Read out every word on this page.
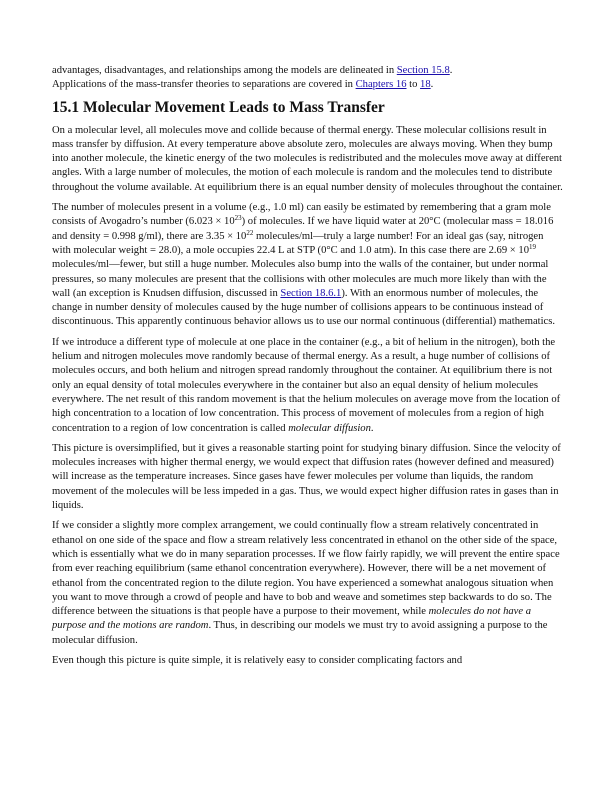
advantages, disadvantages, and relationships among the models are delineated in Section 15.8.
Applications of the mass-transfer theories to separations are covered in Chapters 16 to 18.

15.1 Molecular Movement Leads to Mass Transfer

On a molecular level, all molecules move and collide because of thermal energy. These molecular collisions result in mass transfer by diffusion. At every temperature above absolute zero, molecules are always moving. When they bump into another molecule, the kinetic energy of the two molecules is redistributed and the molecules move away at different angles. With a large number of molecules, the motion of each molecule is random and the molecules tend to distribute throughout the volume available. At equilibrium there is an equal number density of molecules throughout the container.

The number of molecules present in a volume (e.g., 1.0 ml) can easily be estimated by remembering that a gram mole consists of Avogadro’s number $(6.023 \times 10^{23})$ of molecules. If we have liquid water at 20°C (molecular mass = 18.016 and density = 0.998 g/ml), there are $3.35 \times 10^{22}$ molecules/ml—truly a large number! For an ideal gas (say, nitrogen with molecular weight = 28.0), a mole occupies 22.4 L at STP (0°C and 1.0 atm). In this case there are $2.69 \times 10^{19}$ molecules/ml—fewer, but still a huge number. Molecules also bump into the walls of the container, but under normal pressures, so many molecules are present that the collisions with other molecules are much more likely than with the wall (an exception is Knudsen diffusion, discussed in Section 18.6.1). With an enormous number of molecules, the change in number density of molecules caused by the huge number of collisions appears to be continuous instead of discontinuous. This apparently continuous behavior allows us to use our normal continuous (differential) mathematics.

If we introduce a different type of molecule at one place in the container (e.g., a bit of helium in the nitrogen), both the helium and nitrogen molecules move randomly because of thermal energy. As a result, a huge number of collisions of molecules occurs, and both helium and nitrogen spread randomly throughout the container. At equilibrium there is not only an equal density of total molecules everywhere in the container but also an equal density of helium molecules everywhere. The net result of this random movement is that the helium molecules on average move from the location of high concentration to a location of low concentration. This process of movement of molecules from a region of high concentration to a region of low concentration is called molecular diffusion.

This picture is oversimplified, but it gives a reasonable starting point for studying binary diffusion. Since the velocity of molecules increases with higher thermal energy, we would expect that diffusion rates (however defined and measured) will increase as the temperature increases. Since gases have fewer molecules per volume than liquids, the random movement of the molecules will be less impeded in a gas. Thus, we would expect higher diffusion rates in gases than in liquids.

If we consider a slightly more complex arrangement, we could continually flow a stream relatively concentrated in ethanol on one side of the space and flow a stream relatively less concentrated in ethanol on the other side of the space, which is essentially what we do in many separation processes. If we flow fairly rapidly, we will prevent the entire space from ever reaching equilibrium (same ethanol concentration everywhere). However, there will be a net movement of ethanol from the concentrated region to the dilute region. You have experienced a somewhat analogous situation when you want to move through a crowd of people and have to bob and weave and sometimes step backwards to do so. The difference between the situations is that people have a purpose to their movement, while molecules do not have a purpose and the motions are random. Thus, in describing our models we must try to avoid assigning a purpose to the molecular diffusion.

Even though this picture is quite simple, it is relatively easy to consider complicating factors and
